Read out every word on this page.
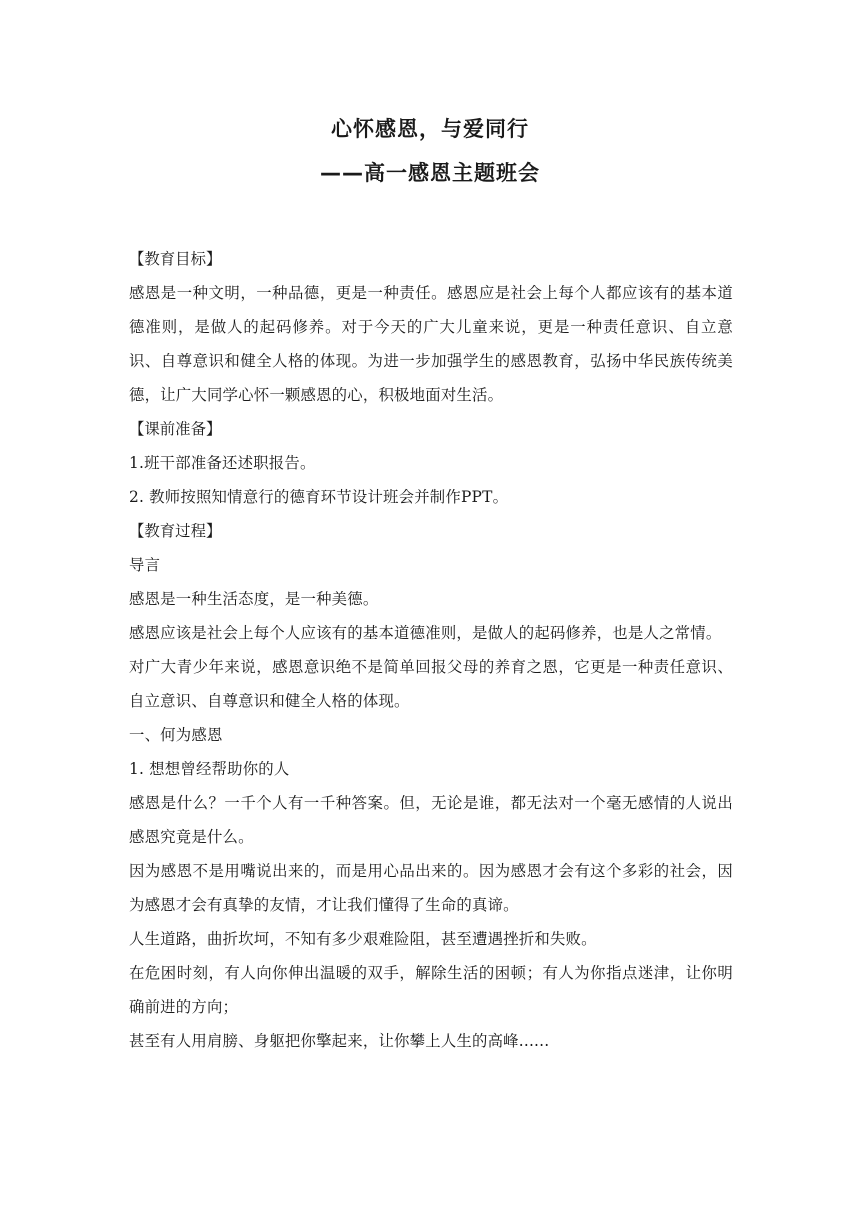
心怀感恩，与爱同行
——高一感恩主题班会

【教育目标】

感恩是一种文明，一种品德，更是一种责任。感恩应是社会上每个人都应该有的基本道德准则，是做人的起码修养。对于今天的广大儿童来说，更是一种责任意识、自立意识、自尊意识和健全人格的体现。为进一步加强学生的感恩教育，弘扬中华民族传统美德，让广大同学心怀一颗感恩的心，积极地面对生活。

【课前准备】

1.班干部准备还述职报告。

2. 教师按照知情意行的德育环节设计班会并制作PPT。

【教育过程】

导言

感恩是一种生活态度，是一种美德。

感恩应该是社会上每个人应该有的基本道德准则，是做人的起码修养，也是人之常情。

对广大青少年来说，感恩意识绝不是简单回报父母的养育之恩，它更是一种责任意识、自立意识、自尊意识和健全人格的体现。

一、何为感恩

1. 想想曾经帮助你的人

感恩是什么？一千个人有一千种答案。但，无论是谁，都无法对一个毫无感情的人说出感恩究竟是什么。

因为感恩不是用嘴说出来的，而是用心品出来的。因为感恩才会有这个多彩的社会，因为感恩才会有真挚的友情，才让我们懂得了生命的真谛。

人生道路，曲折坎坷，不知有多少艰难险阻，甚至遭遇挫折和失败。

在危困时刻，有人向你伸出温暖的双手，解除生活的困顿；有人为你指点迷津，让你明确前进的方向；

甚至有人用肩膀、身躯把你擎起来，让你攀上人生的高峰......
